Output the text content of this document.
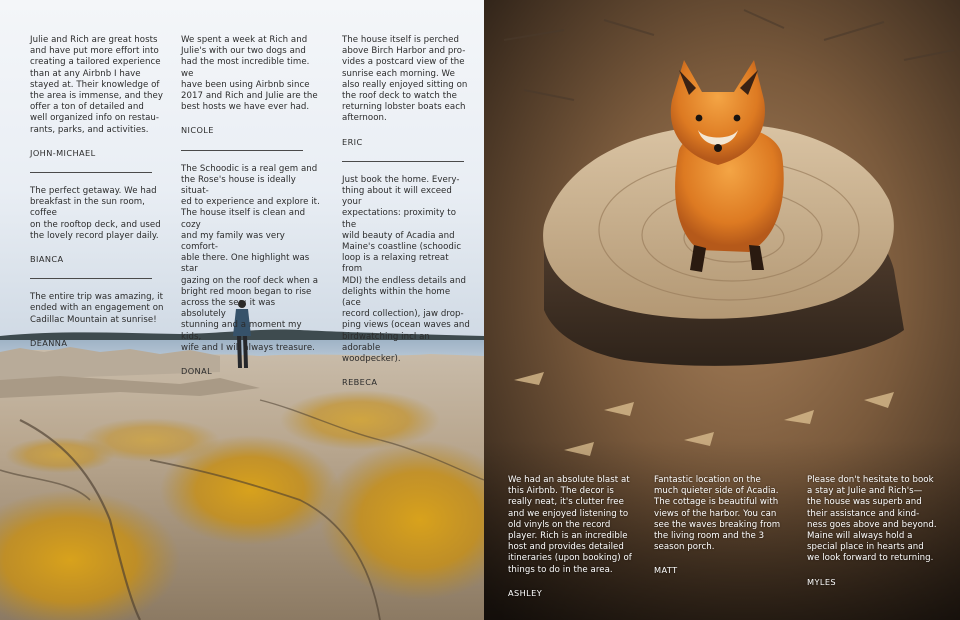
Julie and Rich are great hosts
and have put more effort into
creating a tailored experience
than at any Airbnb I have
stayed at. Their knowledge of
the area is immense, and they
offer a ton of detailed and
well organized info on restau-
rants, parks, and activities.

JOHN-MICHAEL

The perfect getaway. We had
breakfast in the sun room, coffee
on the rooftop deck, and used
the lovely record player daily.

BIANCA

The entire trip was amazing, it
ended with an engagement on
Cadillac Mountain at sunrise!

DEANNA

We spent a week at Rich and
Julie's with our two dogs and
had the most incredible time. we
have been using Airbnb since
2017 and Rich and Julie are the
best hosts we have ever had.

NICOLE

The Schoodic is a real gem and
the Rose's house is ideally situat-
ed to experience and explore it.
The house itself is clean and cozy
and my family was very comfort-
able there. One highlight was star
gazing on the roof deck when a
bright red moon began to rise
across the sea; it was absolutely
stunning and a moment my kids,
wife and I will always treasure.

DONAL

The house itself is perched
above Birch Harbor and pro-
vides a postcard view of the
sunrise each morning. We
also really enjoyed sitting on
the roof deck to watch the
returning lobster boats each
afternoon.

ERIC

Just book the home. Every-
thing about it will exceed your
expectations: proximity to the
wild beauty of Acadia and
Maine's coastline (schoodic
loop is a relaxing retreat from
MDI) the endless details and
delights within the home (ace
record collection), jaw drop-
ping views (ocean waves and
birdwatching incl an adorable
woodpecker).

REBECA

We had an absolute blast at
this Airbnb. The decor is
really neat, it's clutter free
and we enjoyed listening to
old vinyls on the record
player. Rich is an incredible
host and provides detailed
itineraries (upon booking) of
things to do in the area.

ASHLEY

Fantastic location on the
much quieter side of Acadia.
The cottage is beautiful with
views of the harbor. You can
see the waves breaking from
the living room and the 3
season porch.

MATT

Please don't hesitate to book
a stay at Julie and Rich's—
the house was superb and
their assistance and kind-
ness goes above and beyond.
Maine will always hold a
special place in hearts and
we look forward to returning.

MYLES
